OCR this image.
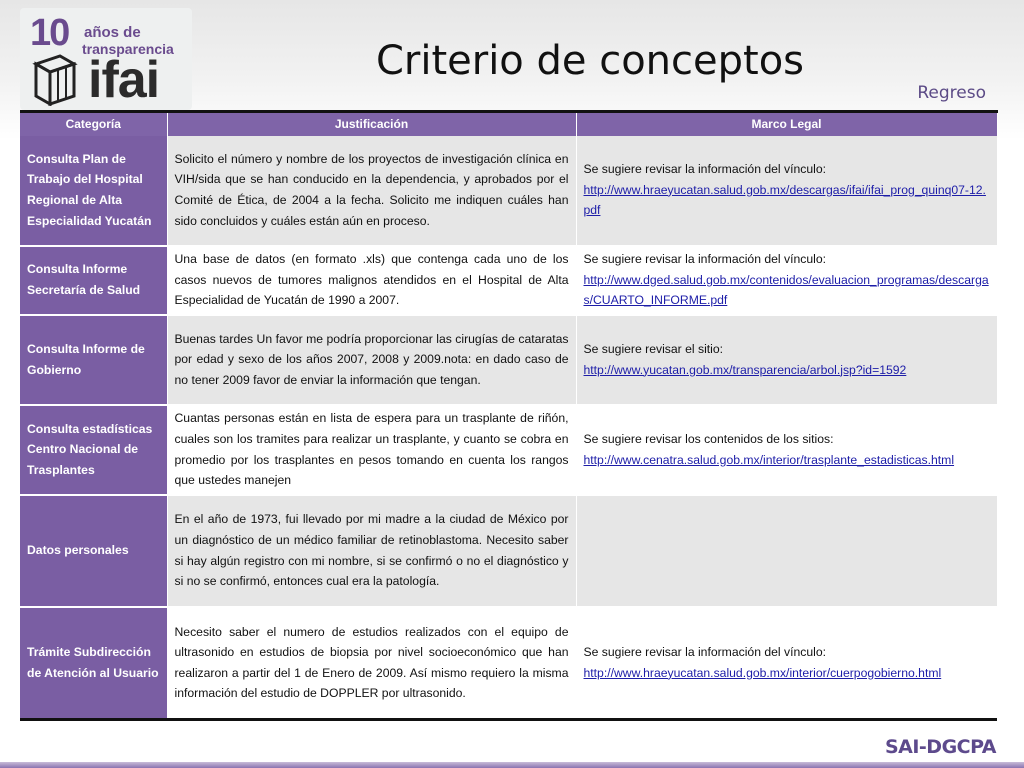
10 años de
transparencia
ifai	Criterio de conceptos
Regreso
Categoría	Justificación	Marco Legal
Consulta Plan de Trabajo del Hospital Regional de Alta Especialidad Yucatán	Solicito el número y nombre de los proyectos de investigación clínica en VIH/sida que se han conducido en la dependencia, y aprobados por el Comité de Ética, de 2004 a la fecha. Solicito me indiquen cuáles han sido concluidos y cuáles están aún en proceso.	Se sugiere revisar la información del vínculo:
http://www.hraeyucatan.salud.gob.mx/descargas/ifai/ifai_prog_quinq07-12.pdf
Consulta Informe Secretaría de Salud	Una base de datos (en formato .xls) que contenga cada uno de los casos nuevos de tumores malignos atendidos en el Hospital de Alta Especialidad de Yucatán de 1990 a 2007.	Se sugiere revisar la información del vínculo:
http://www.dged.salud.gob.mx/contenidos/evaluacion_programas/descargas/CUARTO_INFORME.pdf
Consulta Informe de Gobierno	Buenas tardes Un favor me podría proporcionar las cirugías de cataratas por edad y sexo de los años 2007, 2008 y 2009.nota: en dado caso de no tener 2009 favor de enviar la información que tengan.	Se sugiere revisar el sitio:
http://www.yucatan.gob.mx/transparencia/arbol.jsp?id=1592
Consulta estadísticas Centro Nacional de Trasplantes	Cuantas personas están en lista de espera para un trasplante de riñón, cuales son los tramites para realizar un trasplante, y cuanto se cobra en promedio por los trasplantes en pesos tomando en cuenta los rangos que ustedes manejen	Se sugiere revisar los contenidos de los sitios:
http://www.cenatra.salud.gob.mx/interior/trasplante_estadisticas.html
Datos personales	En el año de 1973, fui llevado por mi madre a la ciudad de México por un diagnóstico de un médico familiar de retinoblastoma. Necesito saber si hay algún registro con mi nombre, si se confirmó o no el diagnóstico y si no se confirmó, entonces cual era la patología.	
Trámite Subdirección de Atención al Usuario	Necesito saber el numero de estudios realizados con el equipo de ultrasonido en estudios de biopsia por nivel socioeconómico que han realizaron a partir del 1 de Enero de 2009. Así mismo requiero la misma información del estudio de DOPPLER por ultrasonido.	Se sugiere revisar la información del vínculo:
http://www.hraeyucatan.salud.gob.mx/interior/cuerpogobierno.html
SAI-DGCPA
